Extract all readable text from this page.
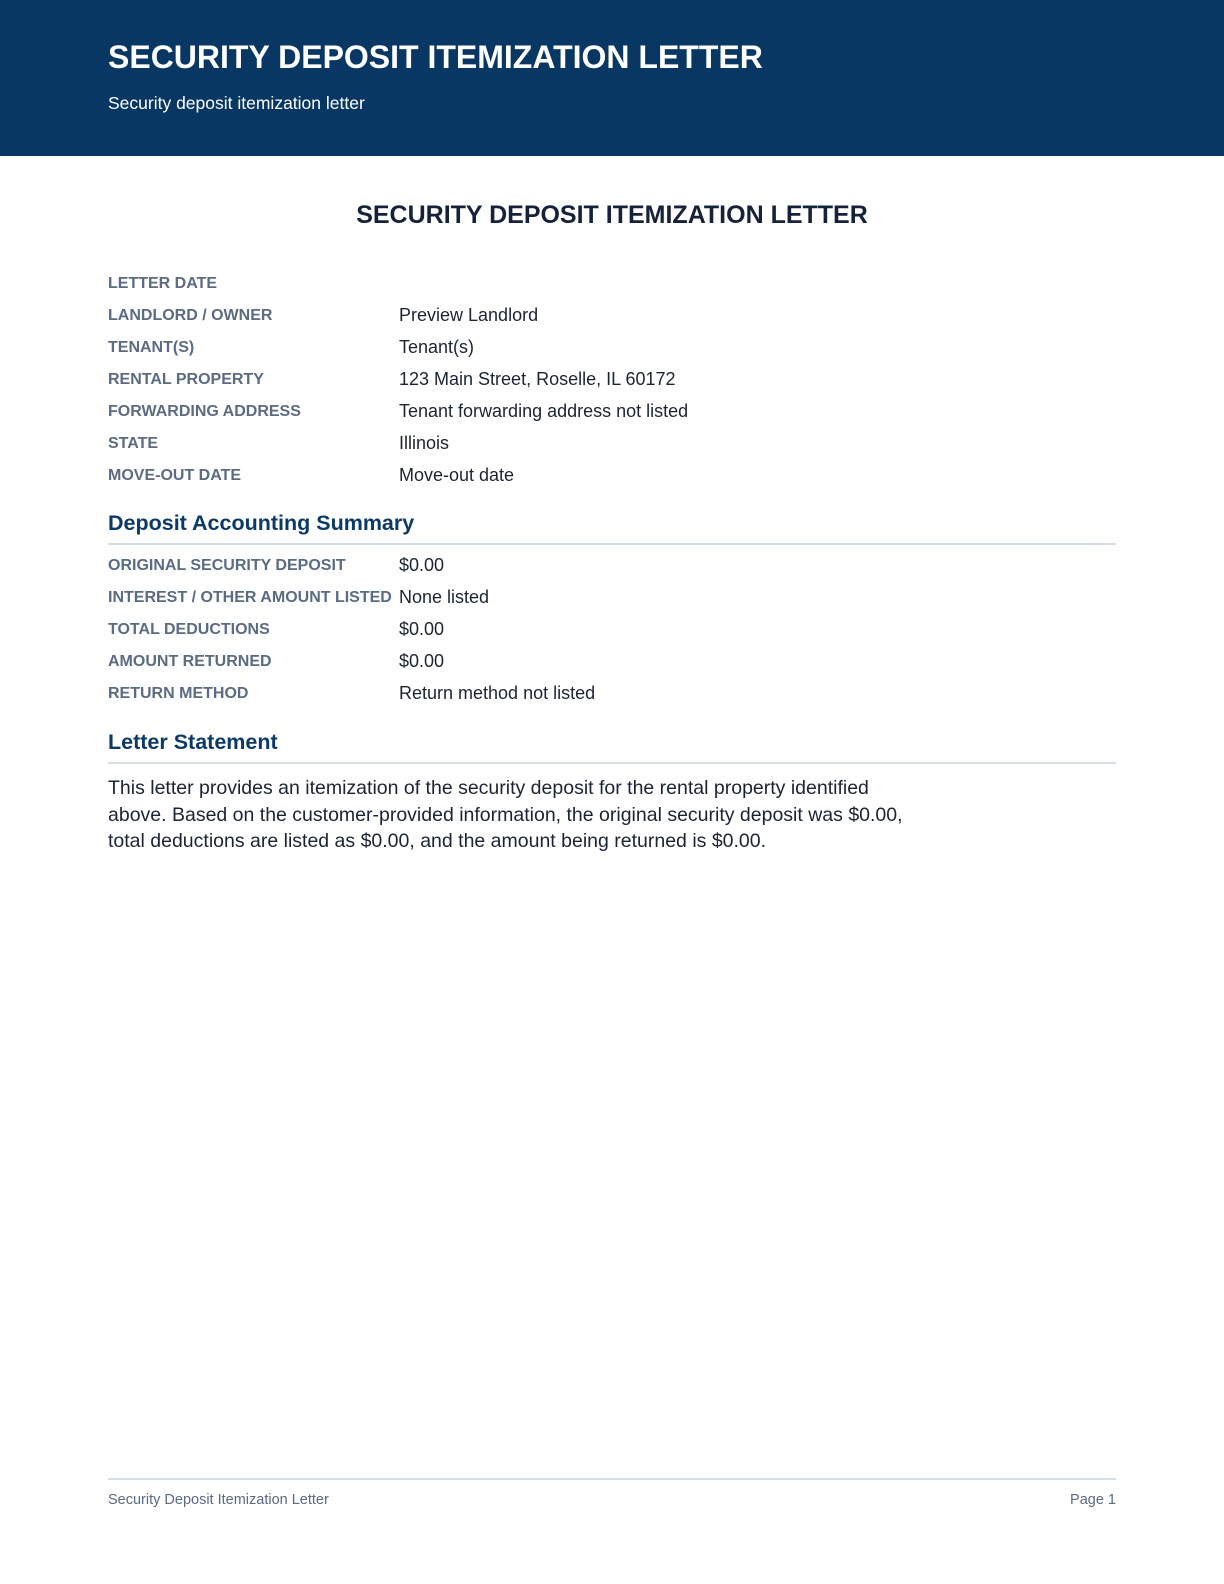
SECURITY DEPOSIT ITEMIZATION LETTER
Security deposit itemization letter
SECURITY DEPOSIT ITEMIZATION LETTER
LETTER DATE
LANDLORD / OWNER	Preview Landlord
TENANT(S)	Tenant(s)
RENTAL PROPERTY	123 Main Street, Roselle, IL 60172
FORWARDING ADDRESS	Tenant forwarding address not listed
STATE	Illinois
MOVE-OUT DATE	Move-out date
Deposit Accounting Summary
ORIGINAL SECURITY DEPOSIT	$0.00
INTEREST / OTHER AMOUNT LISTED None listed
TOTAL DEDUCTIONS	$0.00
AMOUNT RETURNED	$0.00
RETURN METHOD	Return method not listed
Letter Statement
This letter provides an itemization of the security deposit for the rental property identified above. Based on the customer-provided information, the original security deposit was $0.00, total deductions are listed as $0.00, and the amount being returned is $0.00.
Security Deposit Itemization Letter	Page 1
